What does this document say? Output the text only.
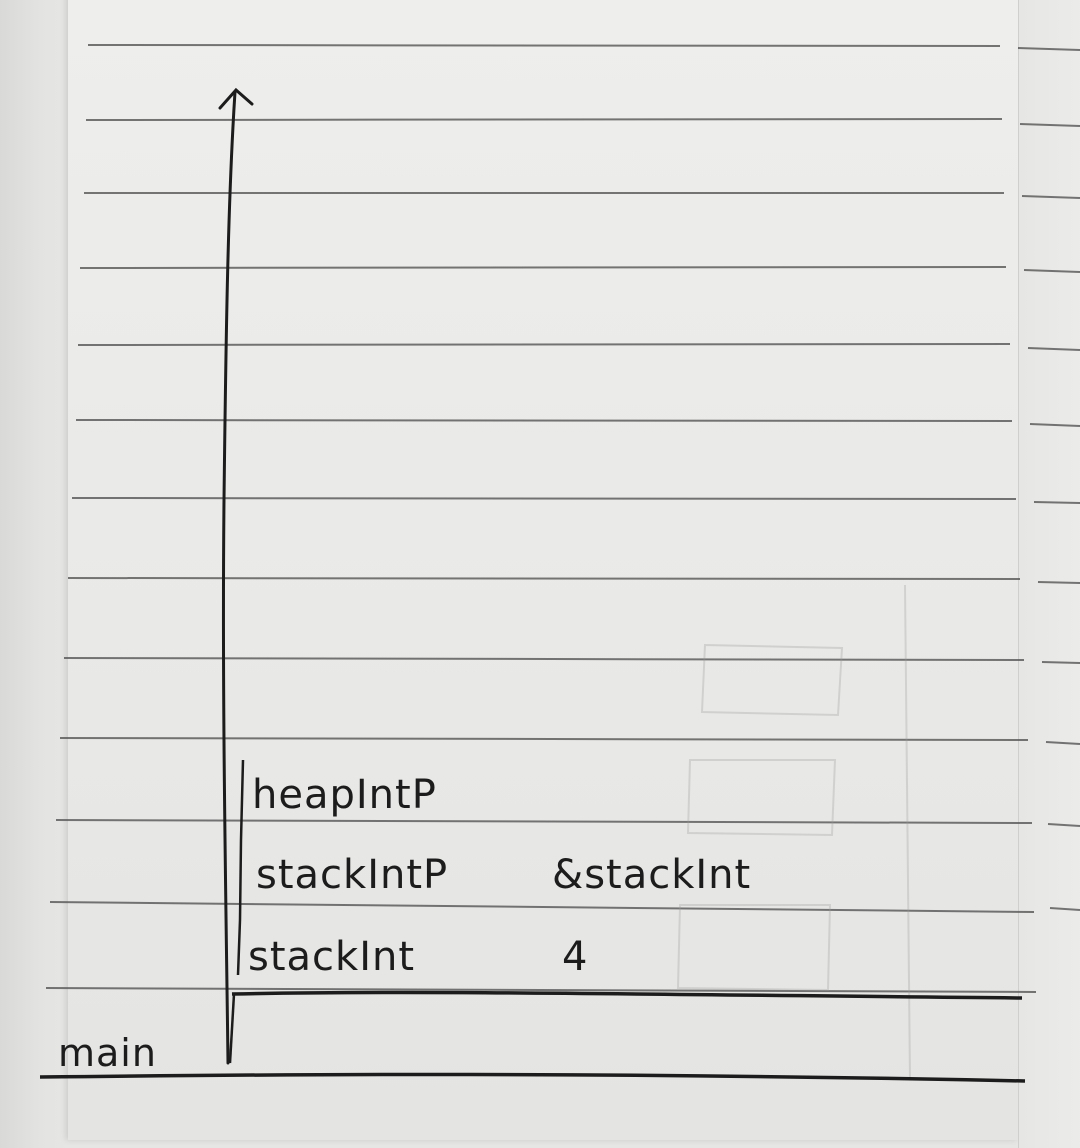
heapIntP
stackIntP	&stackInt
stackInt	4
main
